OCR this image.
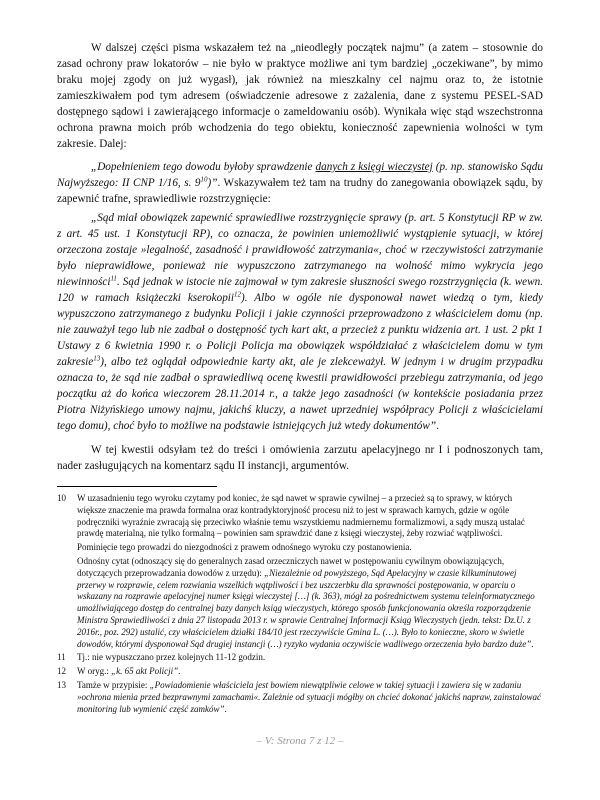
W dalszej części pisma wskazałem też na „nieodległy początek najmu” (a zatem – stosownie do zasad ochrony praw lokatorów – nie było w praktyce możliwe ani tym bardziej „oczekiwane”, by mimo braku mojej zgody on już wygasł), jak również na mieszkalny cel najmu oraz to, że istotnie zamieszkiwałem pod tym adresem (oświadczenie adresowe z zażalenia, dane z systemu PESEL-SAD dostępnego sądowi i zawierającego informacje o zameldowaniu osób). Wynikała więc stąd wszechstronna ochrona prawna moich prób wchodzenia do tego obiektu, konieczność zapewnienia wolności w tym zakresie. Dalej:

„Dopełnieniem tego dowodu byłoby sprawdzenie danych z księgi wieczystej (p. np. stanowisko Sądu Najwyższego: II CNP 1/16, s. $9^{10}$)”. Wskazywałem też tam na trudny do zanegowania obowiązek sądu, by zapewnić trafne, sprawiedliwie rozstrzygnięcie:

„Sąd miał obowiązek zapewnić sprawiedliwe rozstrzygnięcie sprawy (p. art. 5 Konstytucji RP w zw. z art. 45 ust. 1 Konstytucji RP), co oznacza, że powinien uniemożliwić wystąpienie sytuacji, w której orzeczona zostaje »legalność, zasadność i prawidłowość zatrzymania«, choć w rzeczywistości zatrzymanie było nieprawidłowe, ponieważ nie wypuszczono zatrzymanego na wolność mimo wykrycia jego niewinności$^{11}$. Sąd jednak w istocie nie zajmował w tym zakresie słuszności swego rozstrzygnięcia (k. wewn. 120 w ramach książeczki kserokopii$^{12}$). Albo w ogóle nie dysponował nawet wiedzą o tym, kiedy wypuszczono zatrzymanego z budynku Policji i jakie czynności przeprowadzono z właścicielem domu (np. nie zauważył tego lub nie zadbał o dostępność tych kart akt, a przecież z punktu widzenia art. 1 ust. 2 pkt 1 Ustawy z 6 kwietnia 1990 r. o Policji Policja ma obowiązek współdziałać z właścicielem domu w tym zakresie$^{13}$), albo też oglądał odpowiednie karty akt, ale je zlekceważył. W jednym i w drugim przypadku oznacza to, że sąd nie zadbał o sprawiedliwą ocenę kwestii prawidłowości przebiegu zatrzymania, od jego początku aż do końca wieczorem 28.11.2014 r., a także jego zasadności (w kontekście posiadania przez Piotra Niżyńskiego umowy najmu, jakichś kluczy, a nawet uprzedniej współpracy Policji z właścicielami tego domu), choć było to możliwe na podstawie istniejących już wtedy dokumentów”.

W tej kwestii odsyłam też do treści i omówienia zarzutu apelacyjnego nr I i podnoszonych tam, nader zasługujących na komentarz sądu II instancji, argumentów.

10	W uzasadnieniu tego wyroku czytamy pod koniec, że sąd nawet w sprawie cywilnej – a przecież są to sprawy, w których większe znaczenie ma prawda formalna oraz kontradyktoryjność procesu niż to jest w sprawach karnych, gdzie w ogóle podręczniki wyraźnie zwracają się przeciwko właśnie temu wszystkiemu nadmiernemu formalizmowi, a sądy muszą ustalać prawdę materialną, nie tylko formalną – powinien sam sprawdzić dane z księgi wieczystej, żeby rozwiać wątpliwości.
Pominięcie tego prowadzi do niezgodności z prawem odnośnego wyroku czy postanowienia.
Odnośny cytat (odnoszący się do generalnych zasad orzeczniczych nawet w postępowaniu cywilnym obowiązujących, dotyczących przeprowadzania dowodów z urzędu): „Niezależnie od powyższego, Sąd Apelacyjny w czasie kilkuminutowej przerwy w rozprawie, celem rozwiania wszelkich wątpliwości i bez uszczerbku dla sprawności postępowania, w oparciu o wskazany na rozprawie apelacyjnej numer księgi wieczystej […] (k. 363), mógł za pośrednictwem systemu teleinformatycznego umożliwiającego dostęp do centralnej bazy danych ksiąg wieczystych, którego sposób funkcjonowania określa rozporządzenie Ministra Sprawiedliwości z dnia 27 listopada 2013 r. w sprawie Centralnej Informacji Ksiąg Wieczystych (jedn. tekst: Dz.U. z 2016r., poz. 292) ustalić, czy właścicielem działki 184/10 jest rzeczywiście Gmina L. (…). Było to konieczne, skoro w świetle dowodów, którymi dysponował Sąd drugiej instancji (…) ryzyko wydania oczywiście wadliwego orzeczenia było bardzo duże”.
11	Tj.: nie wypuszczano przez kolejnych 11-12 godzin.
12	W oryg.: „k. 65 akt Policji”.
13	Tamże w przypisie: „Powiadomienie właściciela jest bowiem niewątpliwie celowe w takiej sytuacji i zawiera się w zadaniu »ochrona mienia przed bezprawnymi zamachami«. Zależnie od sytuacji mógłby on chcieć dokonać jakichś napraw, zainstalować monitoring lub wymienić część zamków”.
– V: Strona 7 z 12 –
